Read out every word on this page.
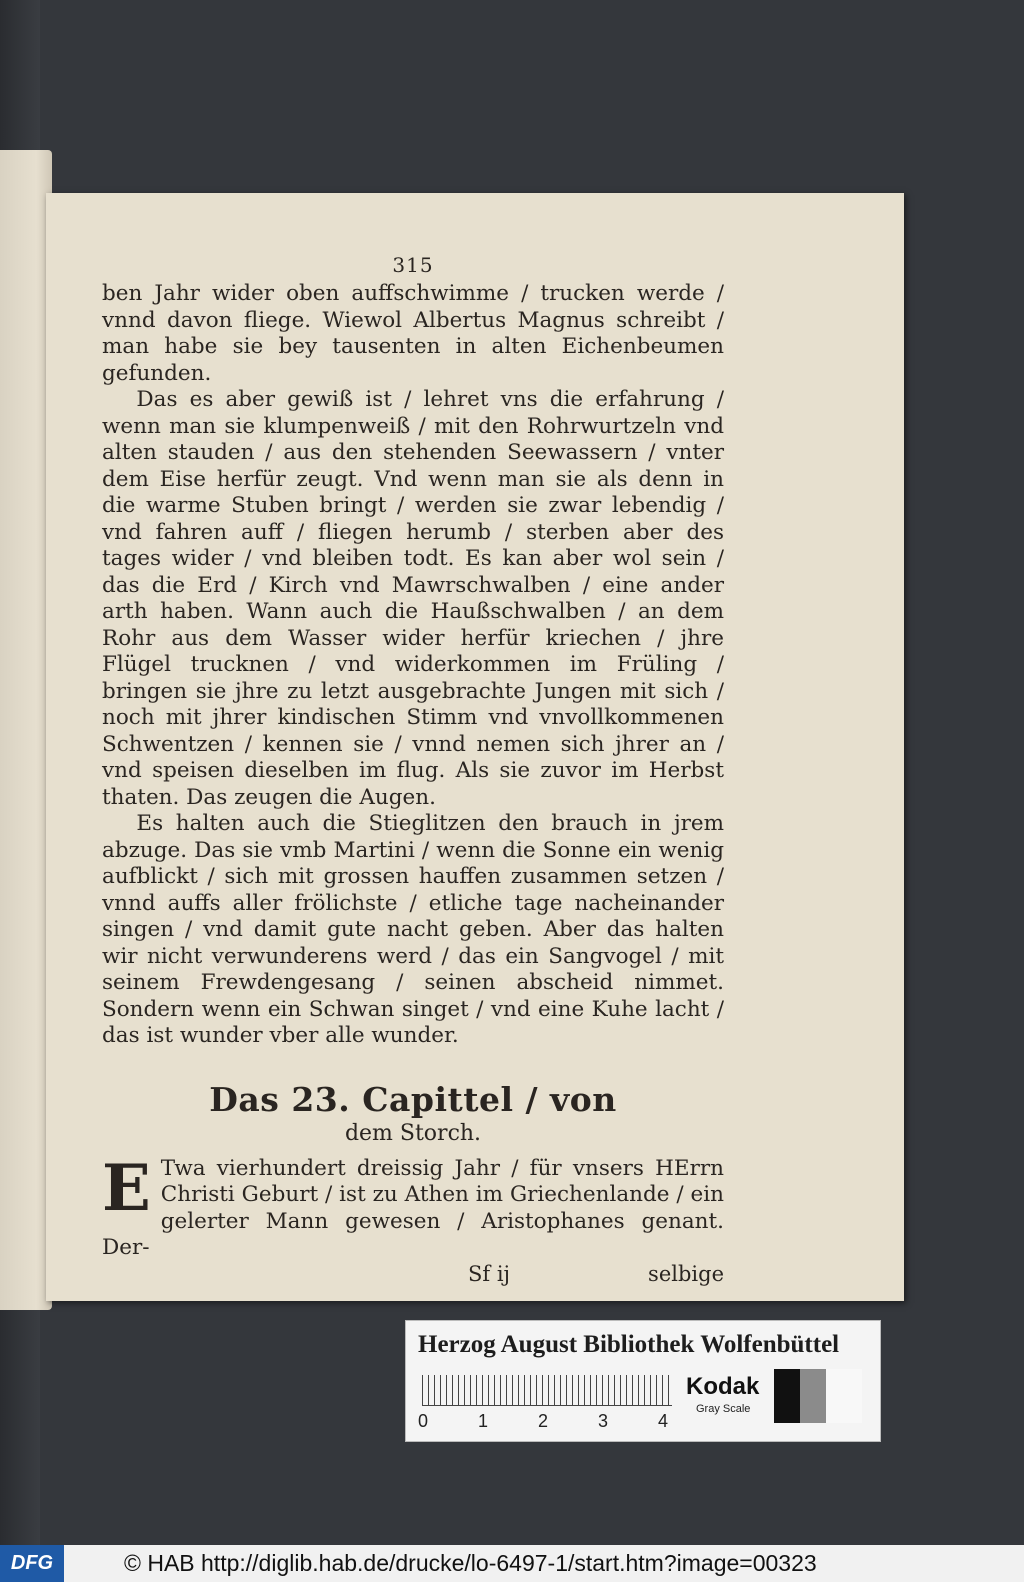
315

ben Jahr wider oben auffschwimme / trucken werde / vnnd davon fliege. Wiewol Albertus Magnus schreibt / man habe sie bey tausenten in alten Eichenbeumen gefunden.

Das es aber gewiß ist / lehret vns die erfahrung / wenn man sie klumpenweiß / mit den Rohrwurtzeln vnd alten stauden / aus den stehenden Seewassern / vnter dem Eise herfür zeugt. Vnd wenn man sie als denn in die warme Stuben bringt / werden sie zwar lebendig / vnd fahren auff / fliegen herumb / sterben aber des tages wider / vnd bleiben todt. Es kan aber wol sein / das die Erd / Kirch vnd Mawrschwalben / eine ander arth haben. Wann auch die Haußschwalben / an dem Rohr aus dem Wasser wider herfür kriechen / jhre Flügel trucknen / vnd widerkommen im Früling / bringen sie jhre zu letzt ausgebrachte Jungen mit sich / noch mit jhrer kindischen Stimm vnd vnvollkommenen Schwentzen / kennen sie / vnnd nemen sich jhrer an / vnd speisen dieselben im flug. Als sie zuvor im Herbst thaten. Das zeugen die Augen.

Es halten auch die Stieglitzen den brauch in jrem abzuge. Das sie vmb Martini / wenn die Sonne ein wenig aufblickt / sich mit grossen hauffen zusammen setzen / vnnd auffs aller frölichste / etliche tage nacheinander singen / vnd damit gute nacht geben. Aber das halten wir nicht verwunderens werd / das ein Sangvogel / mit seinem Frewdengesang / seinen abscheid nimmet. Sondern wenn ein Schwan singet / vnd eine Kuhe lacht / das ist wunder vber alle wunder.

Das 23. Capittel / von
dem Storch.
E Twa vierhundert dreissig Jahr / für vnsers HErrn Christi Geburt / ist zu Athen im Griechenlande / ein gelerter Mann gewesen / Aristophanes genant. Der-

Sf ij	selbige
Herzog August Bibliothek Wolfenbüttel
0	1	2	3	4
Kodak
Gray Scale
DFG	© HAB http://diglib.hab.de/drucke/lo-6497-1/start.htm?image=00323
